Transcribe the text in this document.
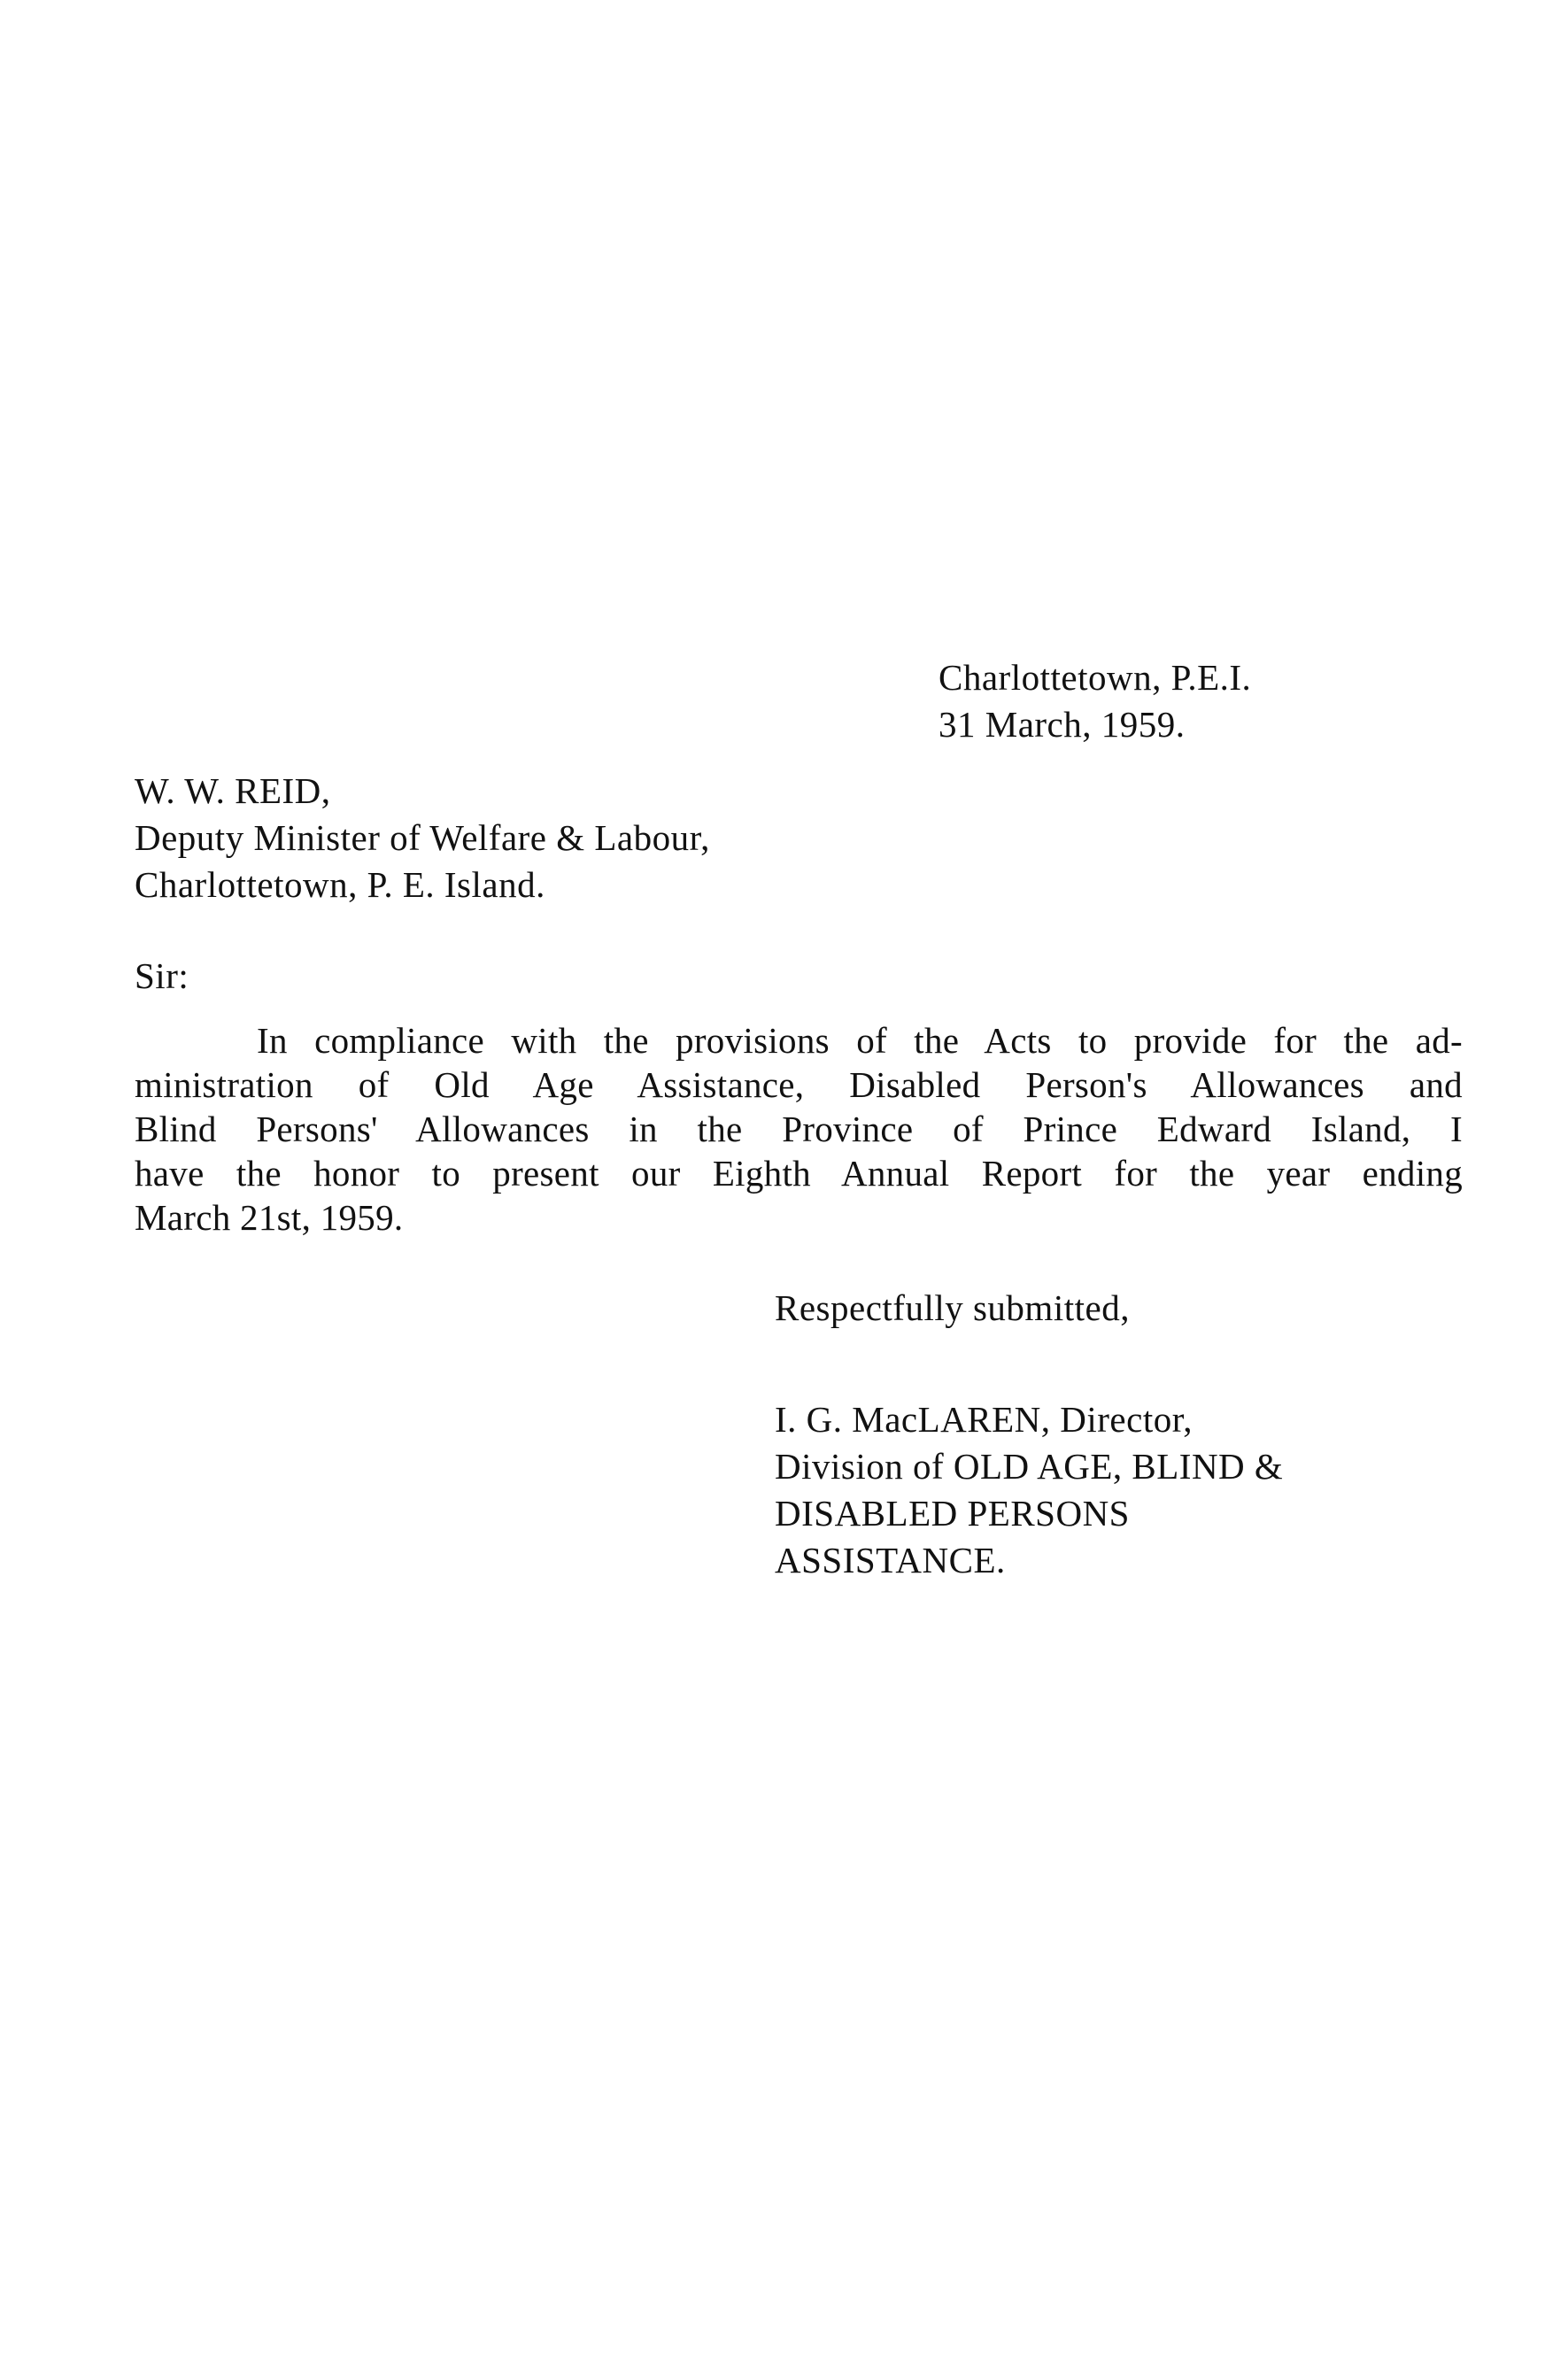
Charlottetown, P.E.I.
31 March, 1959.
W. W. REID,
Deputy Minister of Welfare & Labour,
Charlottetown, P. E. Island.
Sir:
In compliance with the provisions of the Acts to provide for the ad-
ministration of Old Age Assistance, Disabled Person's Allowances and
Blind Persons' Allowances in the Province of Prince Edward Island, I
have the honor to present our Eighth Annual Report for the year ending
March 21st, 1959.
Respectfully submitted,
I. G. MacLAREN, Director,
Division of OLD AGE, BLIND &
DISABLED PERSONS
ASSISTANCE.
